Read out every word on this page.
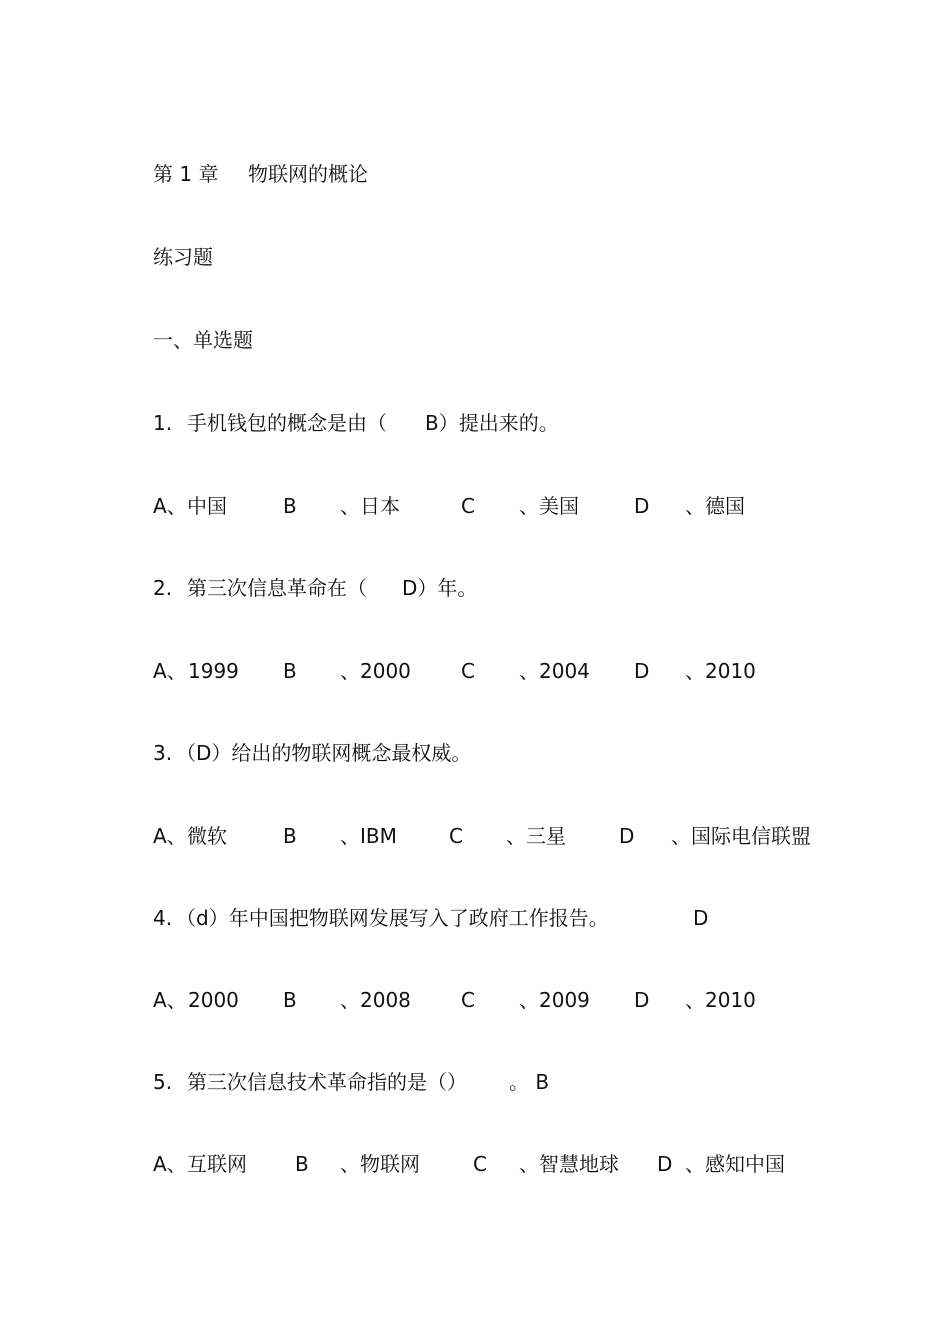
第 1 章 物联网的概论
练习题
一、单选题
1. 手机钱包的概念是由（ B）提出来的。
A、 中国	B 、日本	C 、美国	D 、德国
2. 第三次信息革命在（ D）年。
A、 1999 B 、2000	C 、2004 D 、2010
3. （D）给出的物联网概念最权威。
A、 微软	B 、IBM	C 、三星	D 、国际电信联盟
4. （d）年中国把物联网发展写入了政府工作报告。	D
A、 2000 B 、2008	C 、2009 D 、2010
5. 第三次信息技术革命指的是（） 。 B
A、 互联网 B 、物联网	C 、智慧地球 D 、感知中国
